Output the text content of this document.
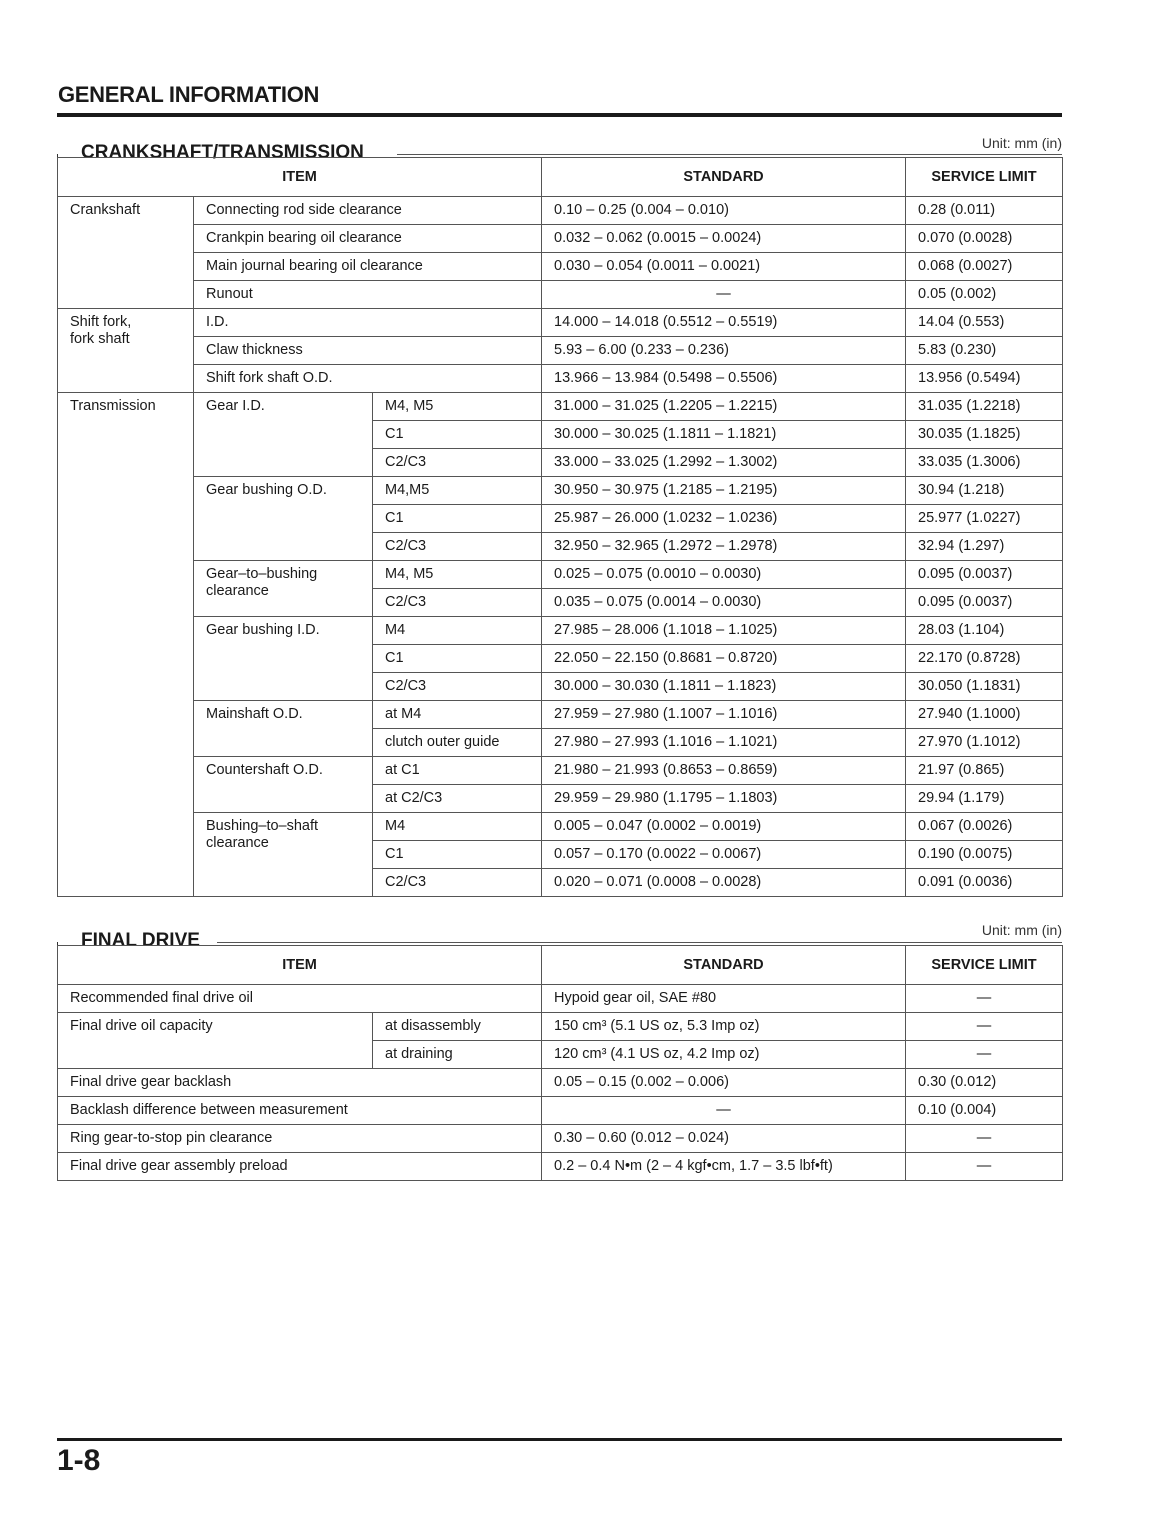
GENERAL INFORMATION
CRANKSHAFT/TRANSMISSION	Unit: mm (in)
ITEM			STANDARD	SERVICE LIMIT
Crankshaft	Connecting rod side clearance		0.10 – 0.25 (0.004 – 0.010)	0.28 (0.011)
	Crankpin bearing oil clearance		0.032 – 0.062 (0.0015 – 0.0024)	0.070 (0.0028)
	Main journal bearing oil clearance		0.030 – 0.054 (0.0011 – 0.0021)	0.068 (0.0027)
	Runout		—	0.05 (0.002)
Shift fork,
fork shaft	I.D.		14.000 – 14.018 (0.5512 – 0.5519)	14.04 (0.553)
	Claw thickness		5.93 – 6.00 (0.233 – 0.236)	5.83 (0.230)
	Shift fork shaft O.D.		13.966 – 13.984 (0.5498 – 0.5506)	13.956 (0.5494)
Transmission	Gear I.D.	M4, M5	31.000 – 31.025 (1.2205 – 1.2215)	31.035 (1.2218)
		C1	30.000 – 30.025 (1.1811 – 1.1821)	30.035 (1.1825)
		C2/C3	33.000 – 33.025 (1.2992 – 1.3002)	33.035 (1.3006)
	Gear bushing O.D.	M4,M5	30.950 – 30.975 (1.2185 – 1.2195)	30.94 (1.218)
		C1	25.987 – 26.000 (1.0232 – 1.0236)	25.977 (1.0227)
		C2/C3	32.950 – 32.965 (1.2972 – 1.2978)	32.94 (1.297)
	Gear–to–bushing
clearance	M4, M5	0.025 – 0.075 (0.0010 – 0.0030)	0.095 (0.0037)
		C2/C3	0.035 – 0.075 (0.0014 – 0.0030)	0.095 (0.0037)
	Gear bushing I.D.	M4	27.985 – 28.006 (1.1018 – 1.1025)	28.03 (1.104)
		C1	22.050 – 22.150 (0.8681 – 0.8720)	22.170 (0.8728)
		C2/C3	30.000 – 30.030 (1.1811 – 1.1823)	30.050 (1.1831)
	Mainshaft O.D.	at M4	27.959 – 27.980 (1.1007 – 1.1016)	27.940 (1.1000)
		clutch outer guide	27.980 – 27.993 (1.1016 – 1.1021)	27.970 (1.1012)
	Countershaft O.D.	at C1	21.980 – 21.993 (0.8653 – 0.8659)	21.97 (0.865)
		at C2/C3	29.959 – 29.980 (1.1795 – 1.1803)	29.94 (1.179)
	Bushing–to–shaft
clearance	M4	0.005 – 0.047 (0.0002 – 0.0019)	0.067 (0.0026)
		C1	0.057 – 0.170 (0.0022 – 0.0067)	0.190 (0.0075)
		C2/C3	0.020 – 0.071 (0.0008 – 0.0028)	0.091 (0.0036)
FINAL DRIVE	Unit: mm (in)
ITEM		STANDARD	SERVICE LIMIT
Recommended final drive oil		Hypoid gear oil, SAE #80	—
Final drive oil capacity	at disassembly	150 cm³ (5.1 US oz, 5.3 Imp oz)	—
	at draining	120 cm³ (4.1 US oz, 4.2 Imp oz)	—
Final drive gear backlash		0.05 – 0.15 (0.002 – 0.006)	0.30 (0.012)
Backlash difference between measurement		—	0.10 (0.004)
Ring gear-to-stop pin clearance		0.30 – 0.60 (0.012 – 0.024)	—
Final drive gear assembly preload		0.2 – 0.4 N•m (2 – 4 kgf•cm, 1.7 – 3.5 lbf•ft)	—
1-8
